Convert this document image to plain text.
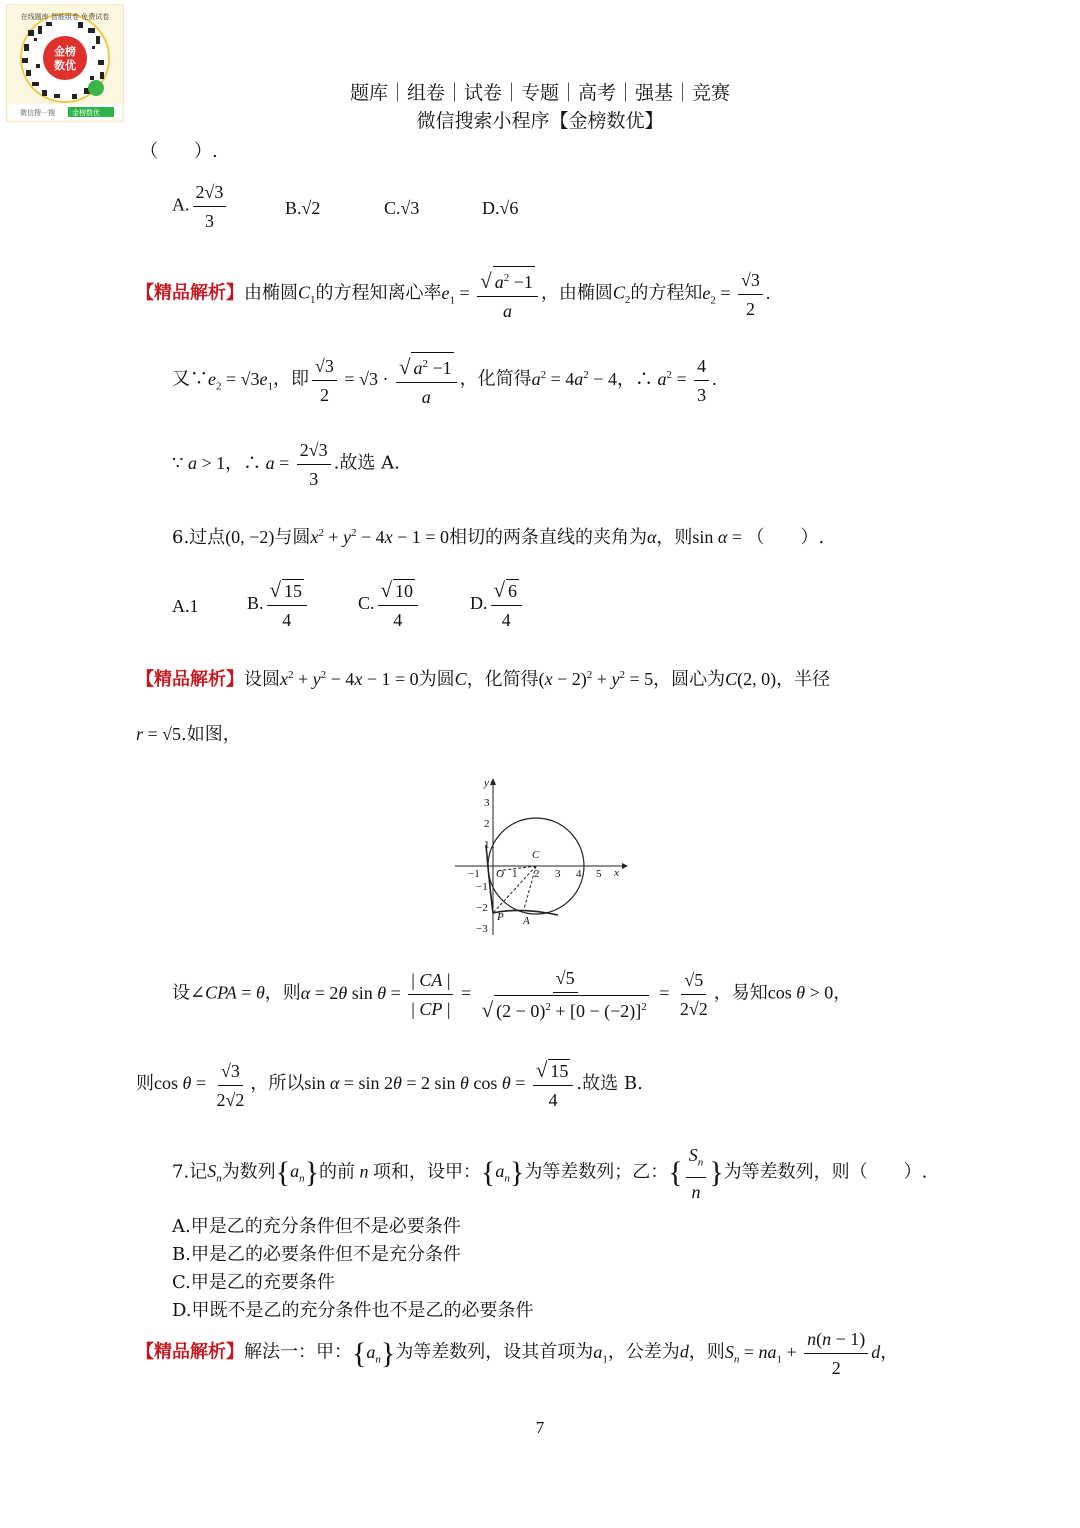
在线题库 智能组卷 免费试卷
金榜
数优
微信搜一搜 金榜数优
题库｜组卷｜试卷｜专题｜高考｜强基｜竞赛
微信搜索小程序【金榜数优】
（　　）.
A. $\frac{2√3}{3}$	B.√2	C.√3	D.√6
【精品解析】由椭圆$C_1$的方程知离心率$e_1 = \frac{√ a^2 -1}{a}$ ，由椭圆$C_2$的方程知$e_2 = \frac{√3}{2}$ .
又$\because e_2 = √3e_1$，即 $\frac{√3}{2} = √3 \cdot \frac{√ a^2 -1}{a}$ ，化简得$a^2 = 4a^2 - 4$，∴ $a^2 = \frac{4}{3}$ .
∵ a > 1，∴ $a = \frac{2√3}{3}$ .故选 A.
6.过点(0, −2)与圆$x^2 + y^2 - 4x - 1 = 0$相切的两条直线的夹角为α，则sin α = （　　）.
A.1	B. $\frac{√ 15}{4}$	C. $\frac{√ 10}{4}$	D. $\frac{√ 6}{4}$
【精品解析】设圆$x^2 + y^2 - 4x - 1 = 0$为圆C，化简得$(x - 2)^2 + y^2 = 5$，圆心为C(2, 0)，半径
r = √5.如图，
y
x
3
2
1
−1
−2
−3
−1	1 2 3 4 5
O
C
P A
设∠CPA = θ，则α = 2θ $\sin \theta = \frac{| CA |}{| CP |} = \frac{√5}{√ (2 - 0)^2 + [0 - (-2)]^2} = \frac{√5}{2√2}$ ，易知cos θ > 0，
则$\cos \theta = \frac{√3}{2√2}$ ，所以sin α = sin 2θ = 2 sin θ $\cos \theta = \frac{√ 15}{4}$ .故选 B.
7.记$S_n$为数列$\{a_n\}$的前 n 项和，设甲：$\{a_n\}$为等差数列；乙：{ $\frac{S_n}{n}$ }为等差数列，则（　　）.
A.甲是乙的充分条件但不是必要条件
B.甲是乙的必要条件但不是充分条件
C.甲是乙的充要条件
D.甲既不是乙的充分条件也不是乙的必要条件
【精品解析】解法一：甲：$\{a_n\}$为等差数列，设其首项为$a_1$，公差为d，则$S_n = na_1 + \frac{n(n - 1)}{2}$ d，
7
